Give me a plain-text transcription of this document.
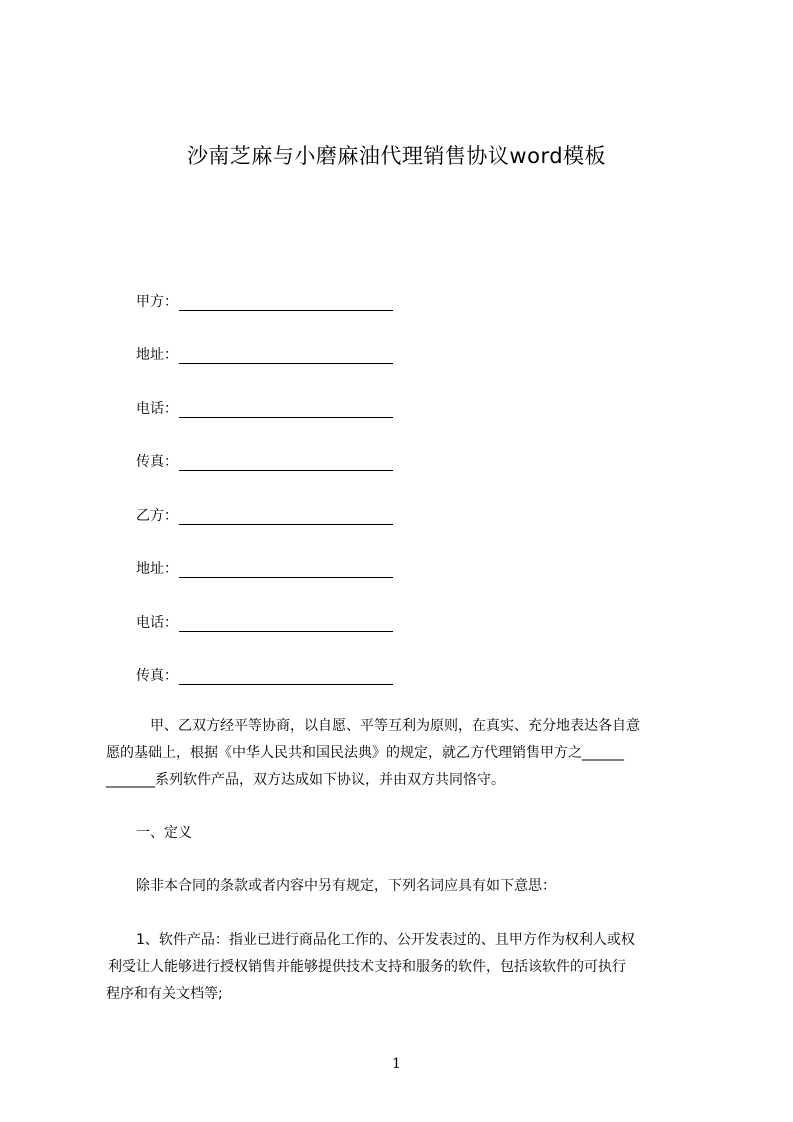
沙南芝麻与小磨麻油代理销售协议word模板
甲方：
地址：
电话：
传真：
乙方：
地址：
电话：
传真：
甲、乙双方经平等协商，以自愿、平等互利为原则，在真实、充分地表达各自意
愿的基础上，根据《中华人民共和国民法典》的规定，就乙方代理销售甲方之______
_______系列软件产品，双方达成如下协议，并由双方共同恪守。
一、定义
除非本合同的条款或者内容中另有规定，下列名词应具有如下意思：
1、软件产品：指业已进行商品化工作的、公开发表过的、且甲方作为权利人或权
利受让人能够进行授权销售并能够提供技术支持和服务的软件，包括该软件的可执行
程序和有关文档等;
1
